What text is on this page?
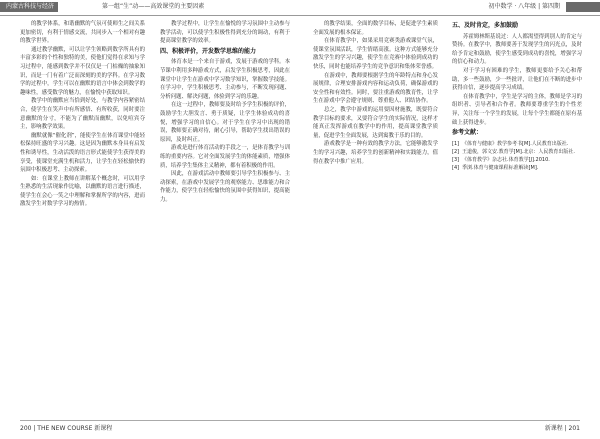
内蒙古科技与经济	第一组“生”动——高效课堂的主要因素	初中数学 · 八年级 | 第四期

的教学体系，和谐幽默的气氛可使师生之间关系更加密切，有利于情感交流，共同步入一个相对有趣的教学世界。

通过教学幽默，可以让学生领略到数学所具有的丰富多彩的个性和独特的美，使他们觉得在求知与学习过程中，能感到数学并不仅仅是一门枯燥的抽象知识，而是一门有着广泛而深刻的美的学科。在学习数学的过程中，学生可以在幽默的语言中体会到数学的趣味性，感受数学的魅力，在愉悦中获取知识。

教学中的幽默应当恰到好处，与教学内容紧密结合，使学生在笑声中有所感悟、有所收获，同时要注意幽默的分寸，不能为了幽默而幽默，以免喧宾夺主，影响教学效果。

幽默就像“催化剂”，能使学生在体育课堂中能轻松保持旺盛的学习兴趣。这是因为幽默本身具有启发性和诱导性，生动活泼的语言形式能使学生获得美的享受，使课堂充满生机和活力，让学生在轻松愉快的氛围中积极思考、主动探索。

如：在课堂上教师在讲解某个概念时，可以用学生熟悉的生活现象作比喻，以幽默的语言进行描述，使学生在会心一笑之中理解和掌握所学的内容，进而激发学生对数学学习的热情。

教学过程中，让学生在愉悦的学习氛围中主动参与教学活动，可以使学生积极性得到充分的调动，有利于提高课堂教学的效率。

四、积极评价，开发数学思维的能力

体育本是一个来自于游戏，发展于游戏的学科。本节课中利用多种游戏方式，启发学生积极思考，因此在课堂中让学生在游戏中学习数学知识，掌握数学技能。在学习中，学生积极思考、主动参与，不断发现问题、分析问题、解决问题，体验到学习的乐趣。

在这一过程中，教师要及时给予学生积极的评价，鼓励学生大胆发言、勇于质疑，让学生体验成功的喜悦，增强学习的自信心。对于学生在学习中出现的错误，教师要正确对待，耐心引导，帮助学生找出错误的原因，及时纠正。

游戏是进行体育活动的手段之一，是体育教学与训练的重要内容。它对全面发展学生的体能素质，增强体质，培养学生集体主义精神，都有着积极的作用。

因此，在游戏活动中教师要引导学生积极参与、主动探索，在游戏中发展学生的观察能力、思维能力和合作能力，使学生在轻松愉快的氛围中获得知识，提高能力。

的教学结果，全面的数学目标，是促进学生素质全面发展的根本保证。

在体育教学中，如果采用竞赛类游戏课堂气氛，使课堂氛围活跃，学生情绪高涨。这种方式能够充分激发学生的学习兴趣，使学生在竞赛中体验到成功的快乐，同时也能培养学生的竞争意识和集体荣誉感。

在游戏中，教师要根据学生的年龄特点和身心发展规律，合理安排游戏内容和运动负荷，确保游戏的安全性和有效性。同时，要注重游戏的教育性，让学生在游戏中学会遵守规则、尊重他人、团结协作。

总之，教学中游戏的运用要因材施教，既要符合教学目标的要求，又要符合学生的实际情况，这样才能真正发挥游戏在教学中的作用，提高课堂教学质量，促进学生全面发展，达到寓教于乐的目的。

游戏教学是一种有效的教学方法，它能够激发学生的学习兴趣，培养学生的创新精神和实践能力，值得在教学中推广应用。

五、及时肯定，多加鼓励

苏霍姆林斯基说过：人人都渴望得到别人的肯定与赞扬。在教学中，教师要善于发现学生的闪光点，及时给予肯定和鼓励，使学生感受到成功的喜悦，增强学习的信心和动力。

对于学习有困难的学生，教师更要给予关心和帮助，多一些鼓励，少一些批评，让他们在不断的进步中获得自信，逐步提高学习成绩。

在体育教学中，学生是学习的主体，教师是学习的组织者、引导者和合作者。教师要尊重学生的个性差异，关注每一个学生的发展，让每个学生都能在原有基础上获得进步。

参考文献：

[1] 《体育与健康》教学参考书[M].人民教育出版社.

[2] 王道俊，郭文安.教育学[M].北京：人民教育出版社.

[3] 《体育教学》杂志社.体育教学[J].2010.

[4] 季浏.体育与健康课程标准解读[M].

200 | THE NEW COURSE 新课程	新课程 | 201
